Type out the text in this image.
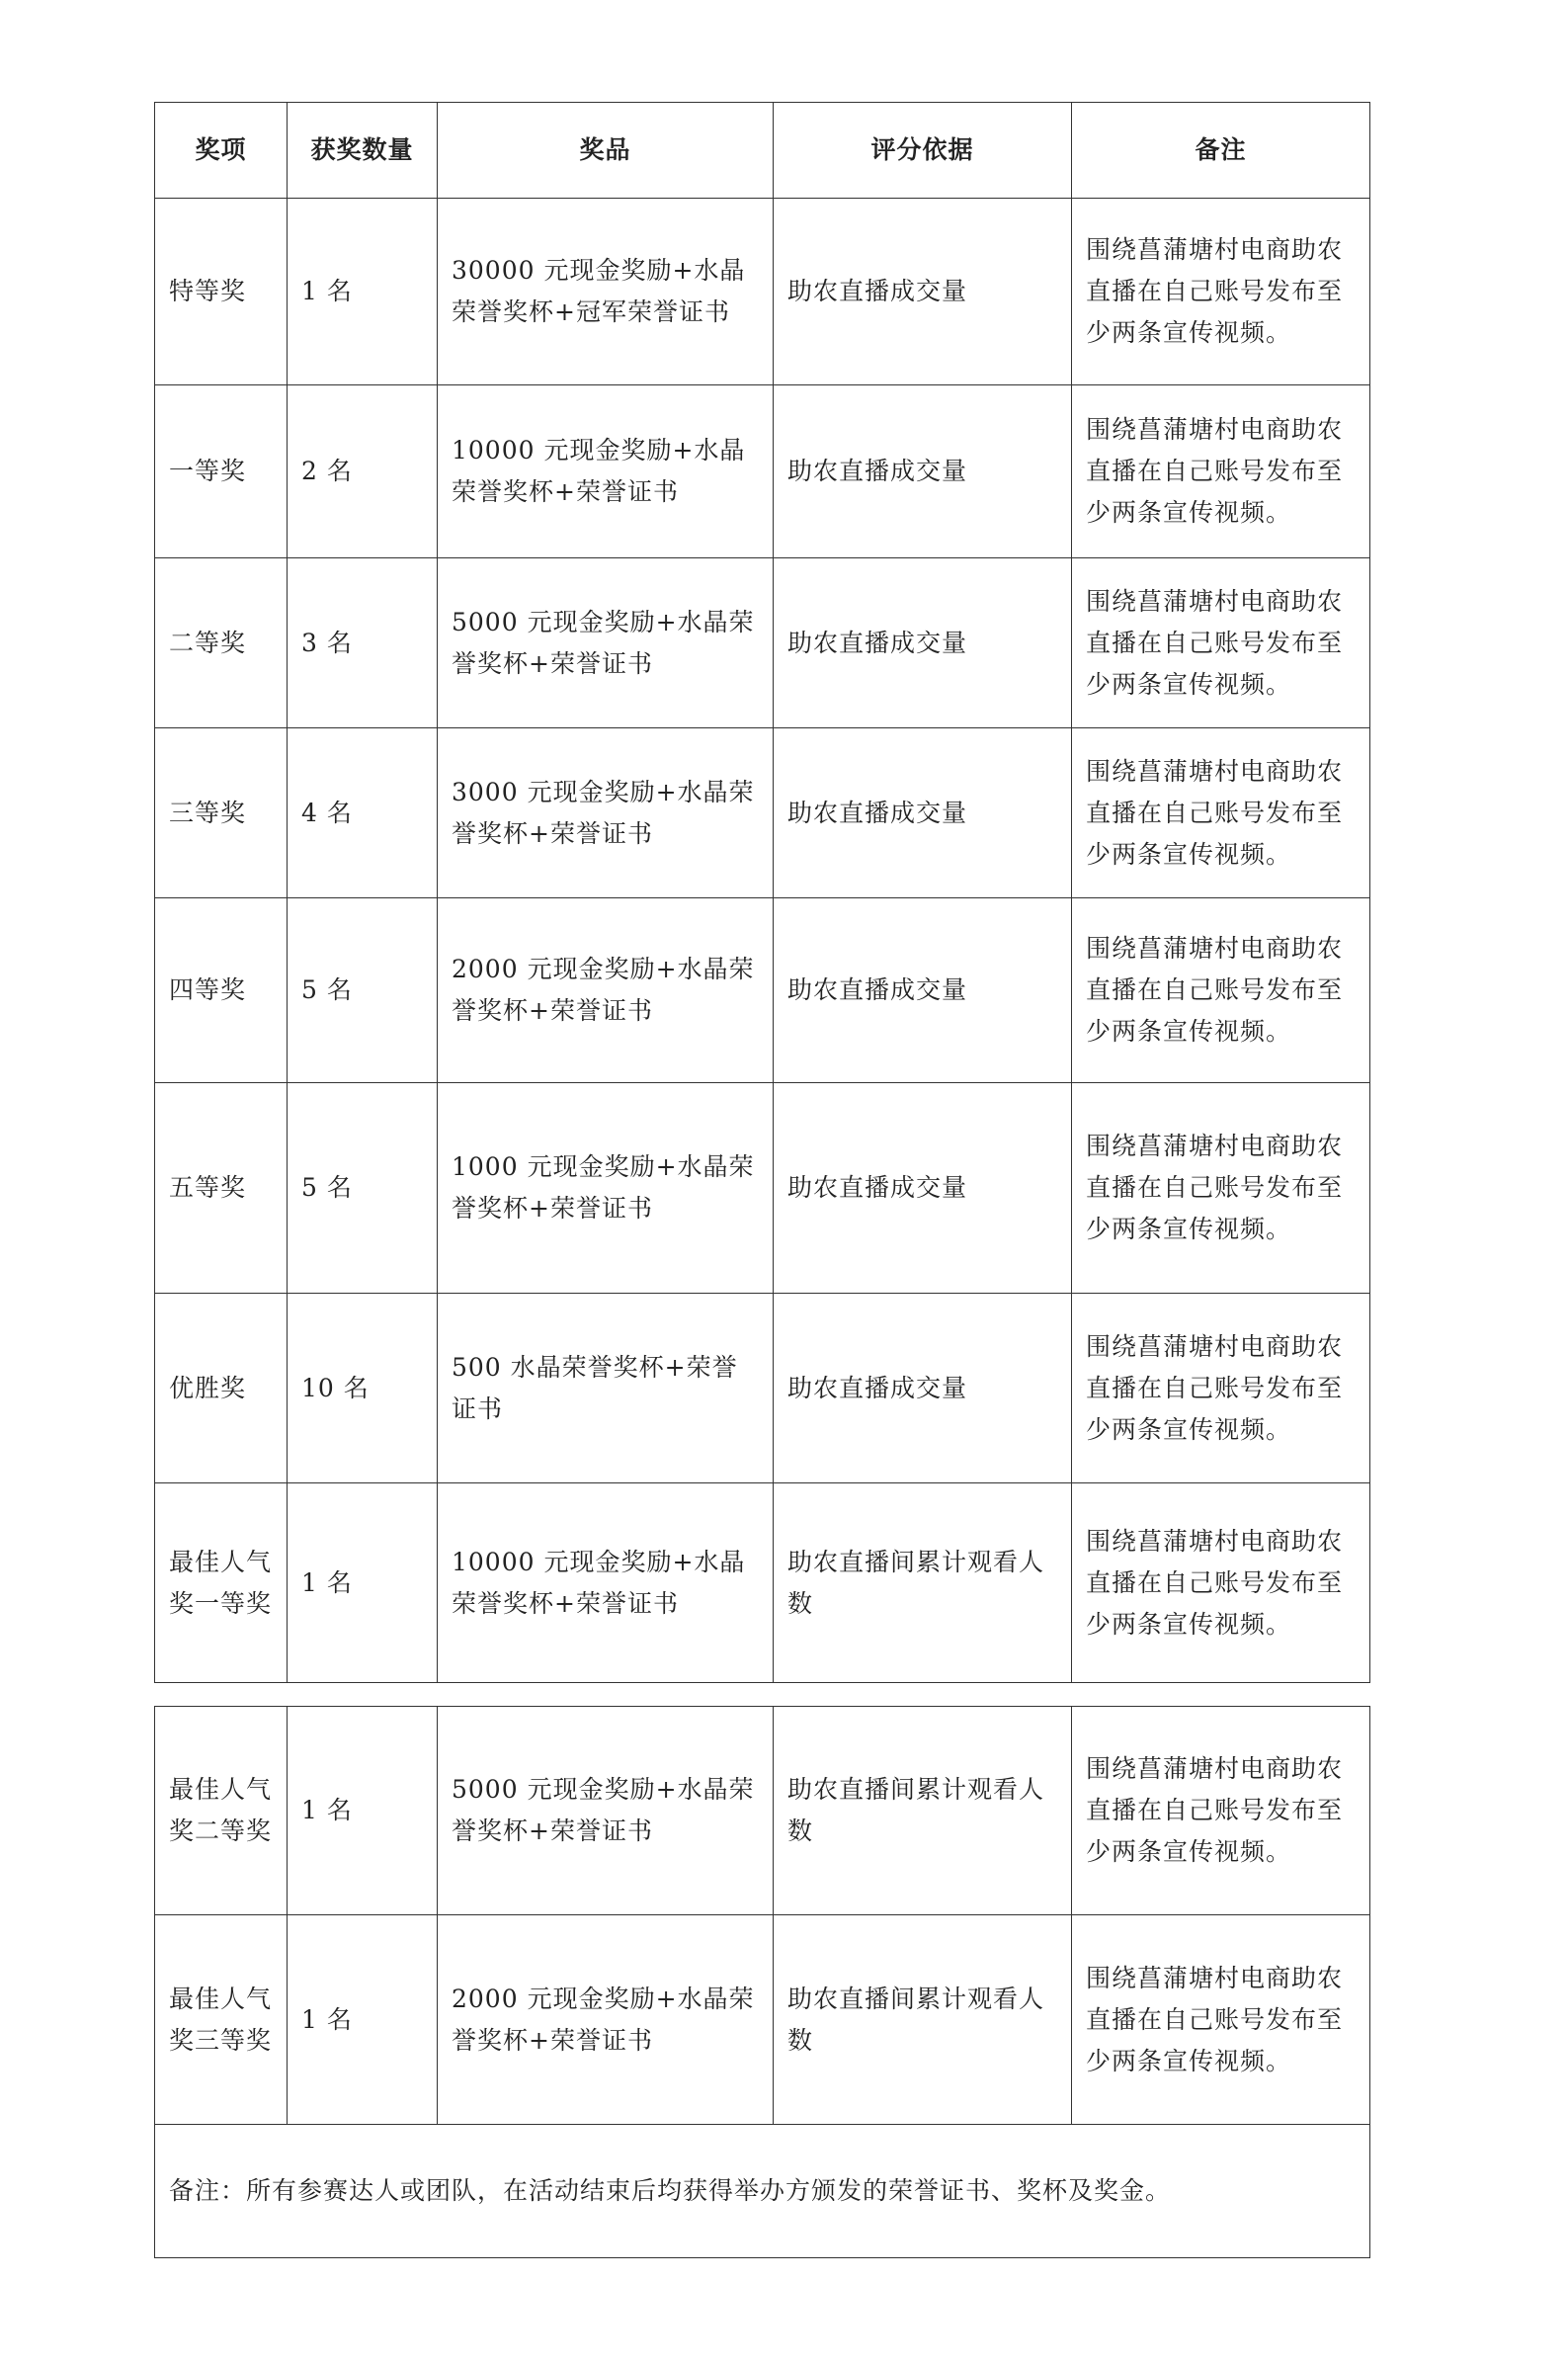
奖项	获奖数量	奖品	评分依据	备注
特等奖	1 名	30000 元现金奖励+水晶荣誉奖杯+冠军荣誉证书	助农直播成交量	围绕菖蒲塘村电商助农直播在自己账号发布至少两条宣传视频。
一等奖	2 名	10000 元现金奖励+水晶荣誉奖杯+荣誉证书	助农直播成交量	围绕菖蒲塘村电商助农直播在自己账号发布至少两条宣传视频。
二等奖	3 名	5000 元现金奖励+水晶荣誉奖杯+荣誉证书	助农直播成交量	围绕菖蒲塘村电商助农直播在自己账号发布至少两条宣传视频。
三等奖	4 名	3000 元现金奖励+水晶荣誉奖杯+荣誉证书	助农直播成交量	围绕菖蒲塘村电商助农直播在自己账号发布至少两条宣传视频。
四等奖	5 名	2000 元现金奖励+水晶荣誉奖杯+荣誉证书	助农直播成交量	围绕菖蒲塘村电商助农直播在自己账号发布至少两条宣传视频。
五等奖	5 名	1000 元现金奖励+水晶荣誉奖杯+荣誉证书	助农直播成交量	围绕菖蒲塘村电商助农直播在自己账号发布至少两条宣传视频。
优胜奖	10 名	500 水晶荣誉奖杯+荣誉证书	助农直播成交量	围绕菖蒲塘村电商助农直播在自己账号发布至少两条宣传视频。
最佳人气奖一等奖	1 名	10000 元现金奖励+水晶荣誉奖杯+荣誉证书	助农直播间累计观看人数	围绕菖蒲塘村电商助农直播在自己账号发布至少两条宣传视频。
最佳人气奖二等奖	1 名	5000 元现金奖励+水晶荣誉奖杯+荣誉证书	助农直播间累计观看人数	围绕菖蒲塘村电商助农直播在自己账号发布至少两条宣传视频。
最佳人气奖三等奖	1 名	2000 元现金奖励+水晶荣誉奖杯+荣誉证书	助农直播间累计观看人数	围绕菖蒲塘村电商助农直播在自己账号发布至少两条宣传视频。
备注：所有参赛达人或团队，在活动结束后均获得举办方颁发的荣誉证书、奖杯及奖金。				
